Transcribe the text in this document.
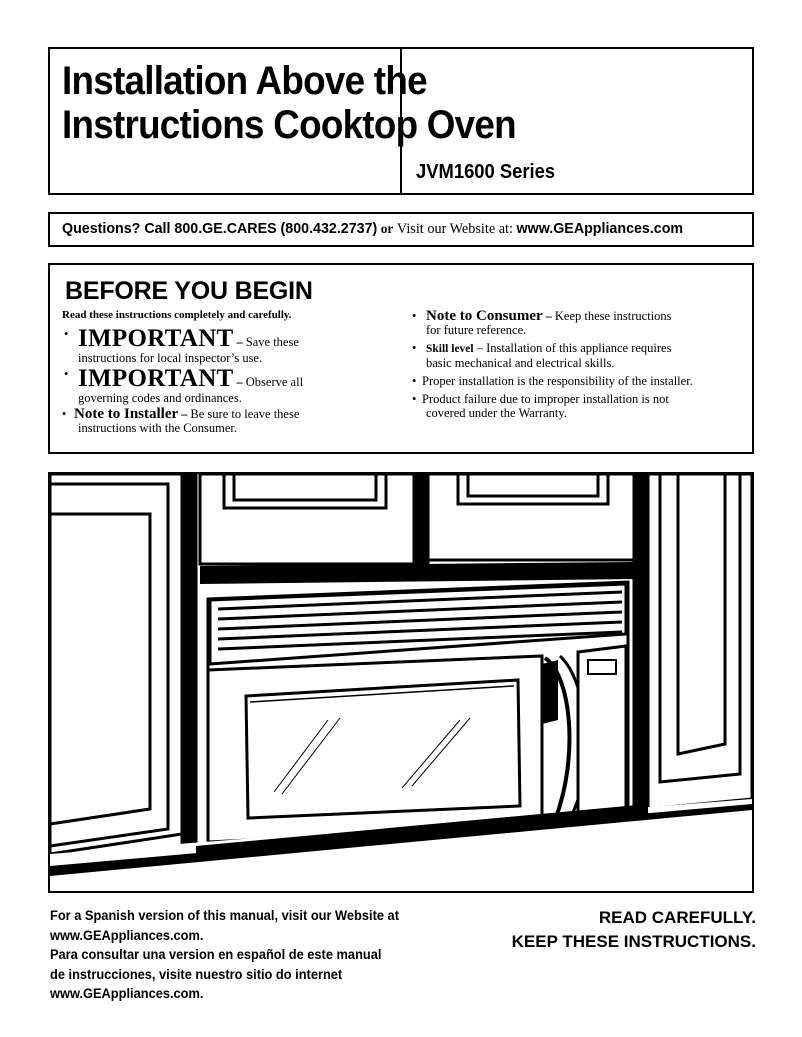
Installation Above the
Instructions Cooktop Oven
JVM1600 Series
Questions? Call 800.GE.CARES (800.432.2737) or Visit our Website at: www.GEAppliances.com
BEFORE YOU BEGIN
Read these instructions completely and carefully.
• IMPORTANT – Save these
instructions for local inspector’s use.
• IMPORTANT – Observe all
governing codes and ordinances.
• Note to Installer – Be sure to leave these
instructions with the Consumer.
• Note to Consumer – Keep these instructions
for future reference.
• Skill level – Installation of this appliance requires
basic mechanical and electrical skills.
• Proper installation is the responsibility of the installer.
• Product failure due to improper installation is not
covered under the Warranty.
For a Spanish version of this manual, visit our Website at
www.GEAppliances.com.
Para consultar una version en español de este manual
de instrucciones, visite nuestro sitio do internet
www.GEAppliances.com.
READ CAREFULLY.
KEEP THESE INSTRUCTIONS.
